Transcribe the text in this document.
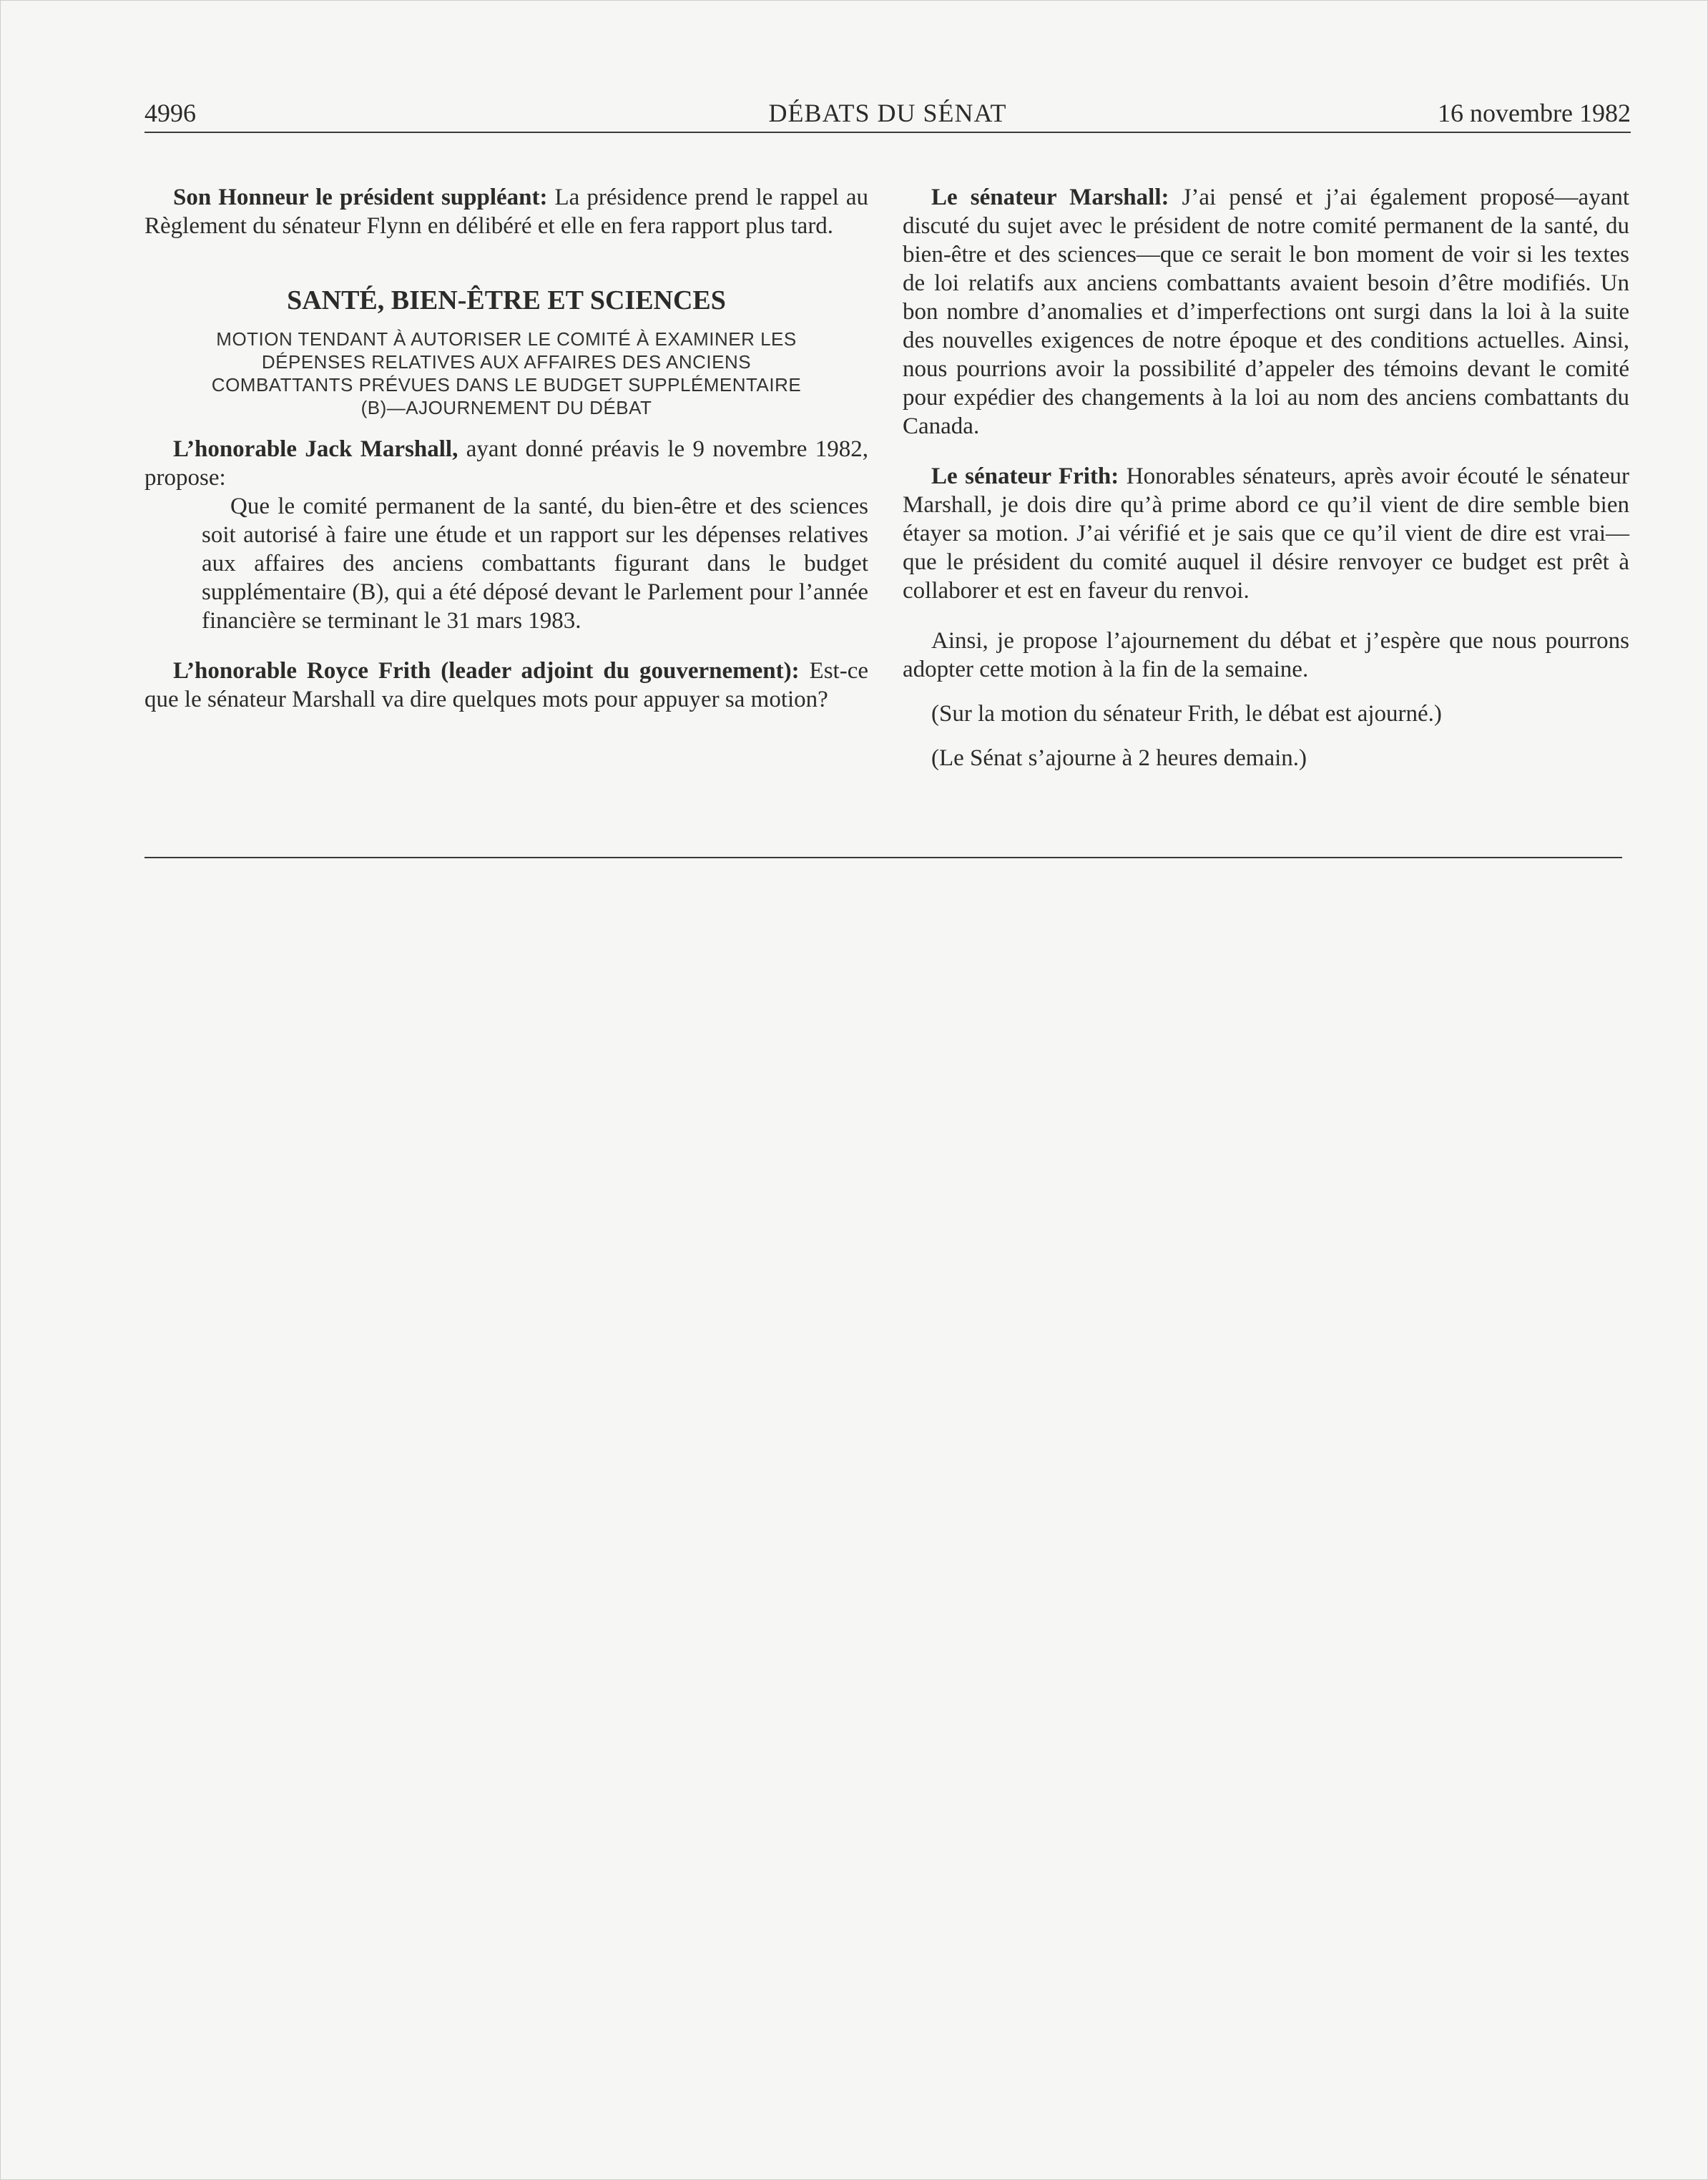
4996	DÉBATS DU SÉNAT	16 novembre 1982

Son Honneur le président suppléant: La présidence prend le rappel au Règlement du sénateur Flynn en délibéré et elle en fera rapport plus tard.

SANTÉ, BIEN-ÊTRE ET SCIENCES
MOTION TENDANT À AUTORISER LE COMITÉ À EXAMINER LES
DÉPENSES RELATIVES AUX AFFAIRES DES ANCIENS
COMBATTANTS PRÉVUES DANS LE BUDGET SUPPLÉMENTAIRE
(B)—AJOURNEMENT DU DÉBAT

L’honorable Jack Marshall, ayant donné préavis le 9 novembre 1982, propose:

Que le comité permanent de la santé, du bien-être et des sciences soit autorisé à faire une étude et un rapport sur les dépenses relatives aux affaires des anciens combattants figurant dans le budget supplémentaire (B), qui a été déposé devant le Parlement pour l’année financière se terminant le 31 mars 1983.

L’honorable Royce Frith (leader adjoint du gouvernement): Est-ce que le sénateur Marshall va dire quelques mots pour appuyer sa motion?

Le sénateur Marshall: J’ai pensé et j’ai également proposé—ayant discuté du sujet avec le président de notre comité permanent de la santé, du bien-être et des sciences—que ce serait le bon moment de voir si les textes de loi relatifs aux anciens combattants avaient besoin d’être modifiés. Un bon nombre d’anomalies et d’imperfections ont surgi dans la loi à la suite des nouvelles exigences de notre époque et des conditions actuelles. Ainsi, nous pourrions avoir la possibilité d’appeler des témoins devant le comité pour expédier des changements à la loi au nom des anciens combattants du Canada.

Le sénateur Frith: Honorables sénateurs, après avoir écouté le sénateur Marshall, je dois dire qu’à prime abord ce qu’il vient de dire semble bien étayer sa motion. J’ai vérifié et je sais que ce qu’il vient de dire est vrai—que le président du comité auquel il désire renvoyer ce budget est prêt à collaborer et est en faveur du renvoi.

Ainsi, je propose l’ajournement du débat et j’espère que nous pourrons adopter cette motion à la fin de la semaine.

(Sur la motion du sénateur Frith, le débat est ajourné.)

(Le Sénat s’ajourne à 2 heures demain.)
